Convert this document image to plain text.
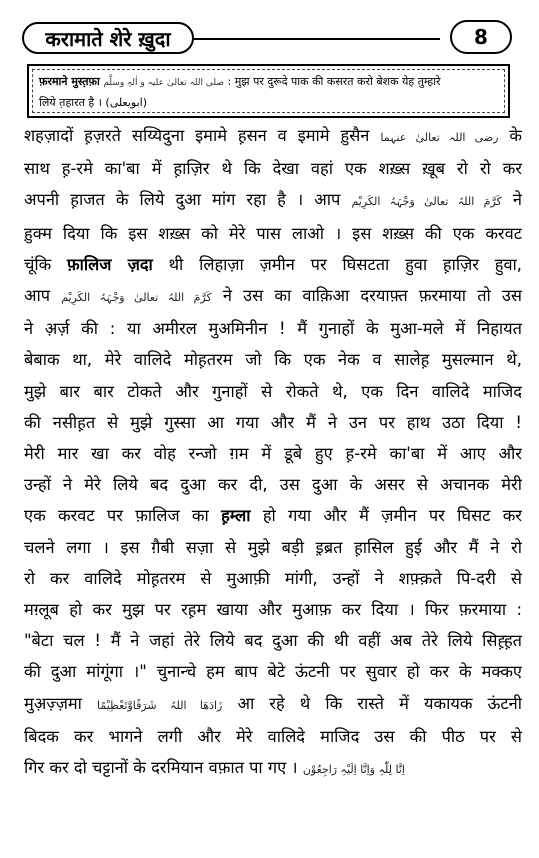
करामाते शेरे ख़ुदा	8
फ़रमाने मुस्त़फ़ा صلی اللہ تعالیٰ علیہ و اٰلہٖ وسلَّم : मुझ पर दुरूदे पाक की कसरत करो बेशक येह तुम्हारे
लिये त़हारत है । (ابویعلی)
शहज़ादों ह़ज़रते सय्यिदुना इमामे ह़सन व इमामे ह़ुसैन رضی اللہ تعالیٰ عنہما के
साथ ह़-रमे का'बा में ह़ाज़िर थे कि देखा वहां एक शख़्स ख़ूब रो रो कर
अपनी ह़ाजत के लिये दुआ मांग रहा है । आप کَرَّمَ اللہُ تعالیٰ وَجْہَہُ الکَرِیْم ने
ह़ुक्म दिया कि इस शख़्स को मेरे पास लाओ । इस शख़्स की एक करवट
चूंकि फ़ालिज ज़दा थी लिहाज़ा ज़मीन पर घिसटता हुवा ह़ाज़िर हुवा,
आप کَرَّمَ اللہُ تعالیٰ وَجْہَہُ الکَرِیْم ने उस का वाक़िआ दरयाफ़्त फ़रमाया तो उस
ने अ़र्ज़ की : या अमीरल मुअमिनीन ! मैं गुनाहों के मुआ-मले में निहायत
बेबाक था, मेरे वालिदे मोह़तरम जो कि एक नेक व सालेह़ मुसल्मान थे,
मुझे बार बार टोकते और गुनाहों से रोकते थे, एक दिन वालिदे माजिद
की नसीह़त से मुझे गुस्सा आ गया और मैं ने उन पर हाथ उठा दिया !
मेरी मार खा कर वोह रन्जो ग़म में डूबे हुए ह़-रमे का'बा में आए और
उन्हों ने मेरे लिये बद दुआ कर दी, उस दुआ के असर से अचानक मेरी
एक करवट पर फ़ालिज का ह़म्ला हो गया और मैं ज़मीन पर घिसट कर
चलने लगा । इस ग़ैबी सज़ा से मुझे बड़ी इ़ब्रत ह़ासिल हुई और मैं ने रो
रो कर वालिदे मोह़तरम से मुआफ़ी मांगी, उन्हों ने शफ़्क़ते पि-दरी से
मग़्लूब हो कर मुझ पर रह़म खाया और मुआफ़ कर दिया । फिर फ़रमाया :
"बेटा चल ! मैं ने जहां तेरे लिये बद दुआ की थी वहीं अब तेरे लिये सिह़्ह़त
की दुआ मांगूंगा ।" चुनान्चे हम बाप बेटे ऊंटनी पर सुवार हो कर के मक्कए
मुअ़ज़्ज़मा زَادَھَا اللہُ شَرَفًاوَّتَعْظِیْمًا आ रहे थे कि रास्ते में यकायक ऊंटनी
बिदक कर भागने लगी और मेरे वालिदे माजिद उस की पीठ पर से
गिर कर दो चट्टानों के दरमियान वफ़ात पा गए । اِنَّا لِلّٰہِ وَاِنَّا اِلَیْہِ رَاجِعُوْن
